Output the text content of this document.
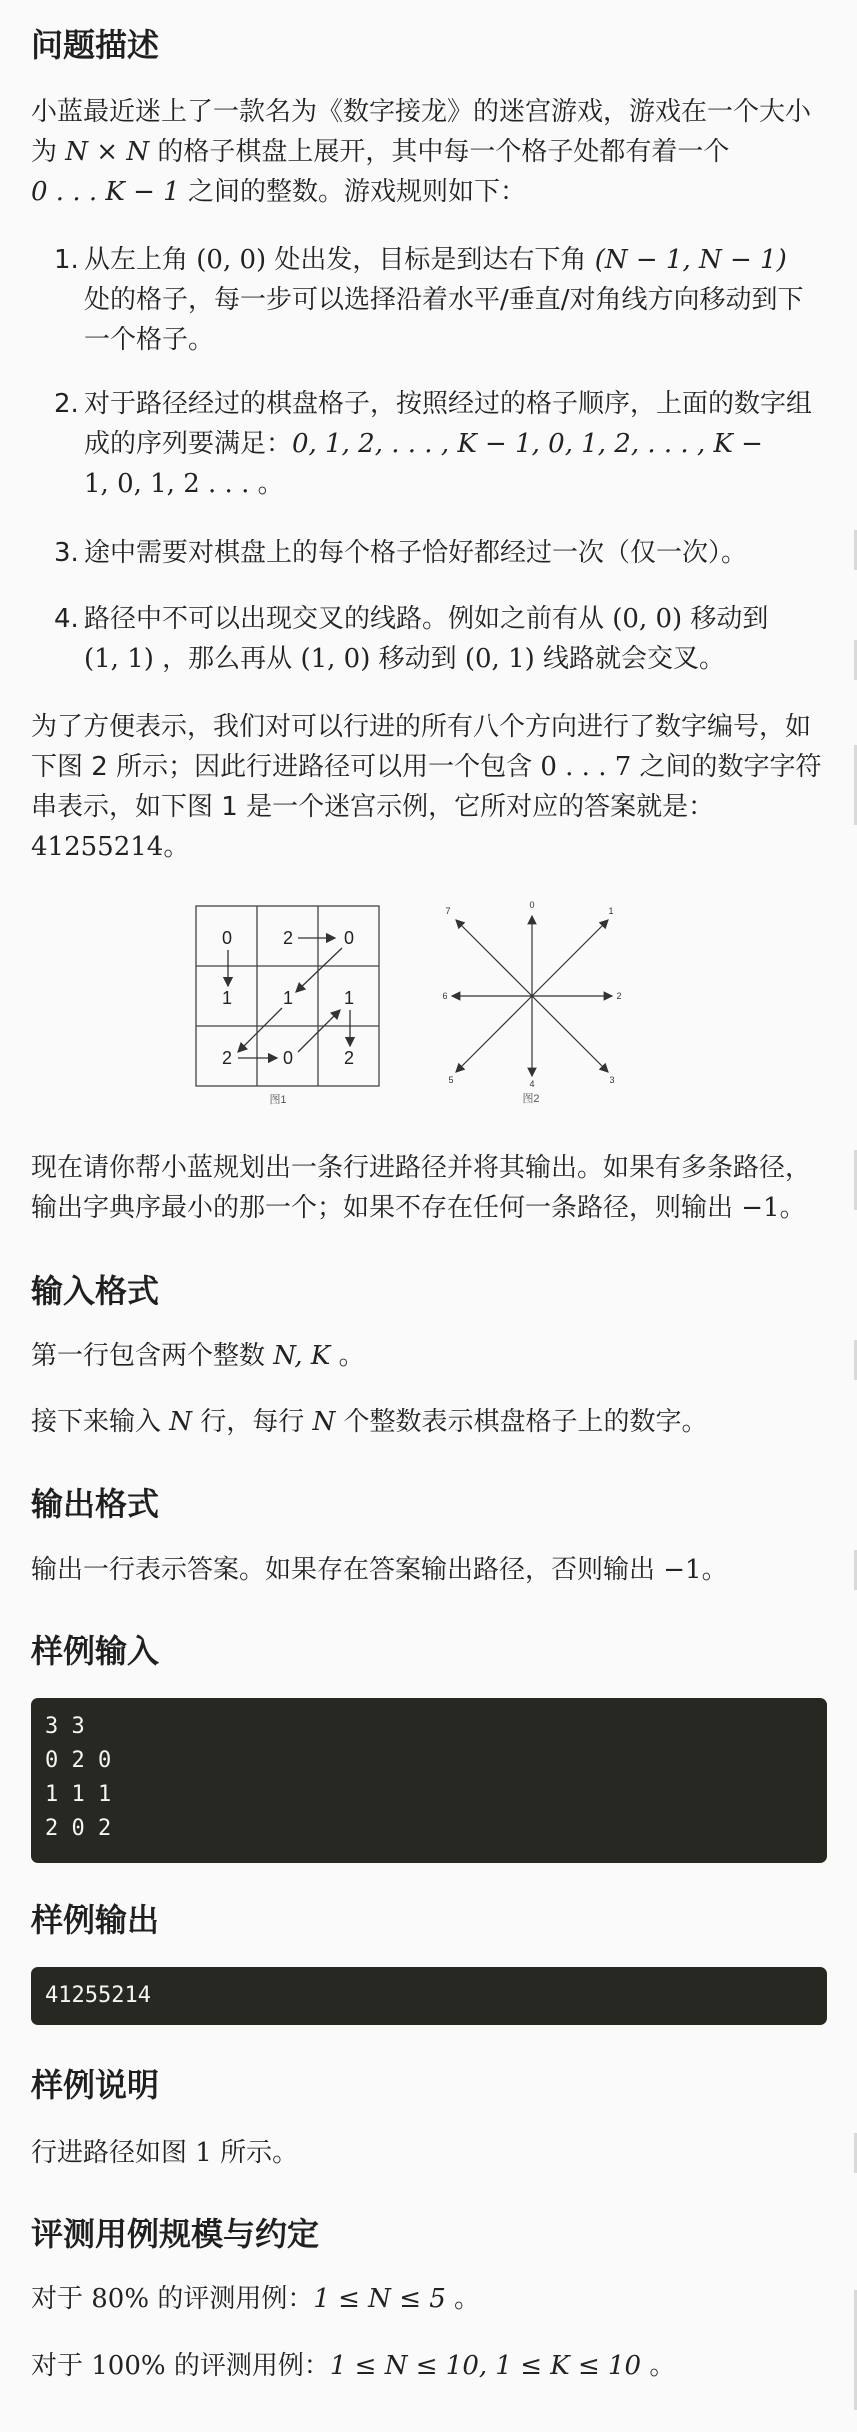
问题描述
小蓝最近迷上了一款名为《数字接龙》的迷宫游戏，游戏在一个大小
为 N × N 的格子棋盘上展开，其中每一个格子处都有着一个
0 . . . K − 1 之间的整数。游戏规则如下：
1. 从左上角 (0, 0) 处出发，目标是到达右下角 (N − 1, N − 1)
处的格子，每一步可以选择沿着水平/垂直/对角线方向移动到下
一个格子。
2. 对于路径经过的棋盘格子，按照经过的格子顺序，上面的数字组
成的序列要满足：0, 1, 2, . . . , K − 1, 0, 1, 2, . . . , K −
1, 0, 1, 2 . . . 。
3. 途中需要对棋盘上的每个格子恰好都经过一次（仅一次）。
4. 路径中不可以出现交叉的线路。例如之前有从 (0, 0) 移动到
(1, 1) ，那么再从 (1, 0) 移动到 (0, 1) 线路就会交叉。
为了方便表示，我们对可以行进的所有八个方向进行了数字编号，如
下图 2 所示；因此行进路径可以用一个包含 0 . . . 7 之间的数字字符
串表示，如下图 1 是一个迷宫示例，它所对应的答案就是：
41255214。
0	2	0
1	1	1
2	0	2
图1
0
1
2
3
4
5
6
7
图2
现在请你帮小蓝规划出一条行进路径并将其输出。如果有多条路径，
输出字典序最小的那一个；如果不存在任何一条路径，则输出 −1。
输入格式
第一行包含两个整数 N, K 。
接下来输入 N 行，每行 N 个整数表示棋盘格子上的数字。
输出格式
输出一行表示答案。如果存在答案输出路径，否则输出 −1。
样例输入
3 3
0 2 0
1 1 1
2 0 2
样例输出
41255214
样例说明
行进路径如图 1 所示。
评测用例规模与约定
对于 80% 的评测用例：1 ≤ N ≤ 5 。
对于 100% 的评测用例：1 ≤ N ≤ 10, 1 ≤ K ≤ 10 。
